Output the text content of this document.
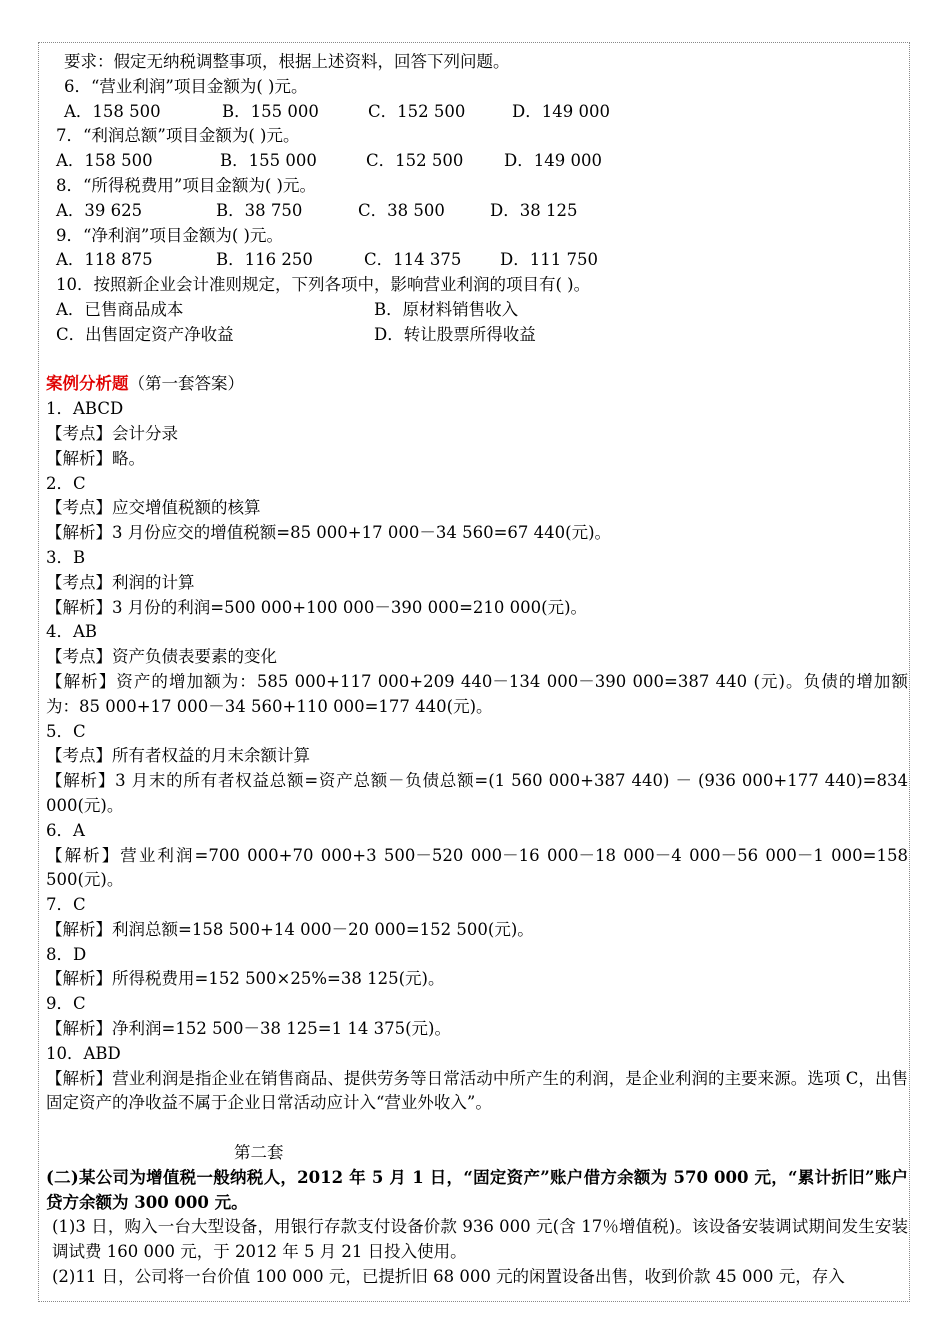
要求：假定无纳税调整事项，根据上述资料，回答下列问题。
6．“营业利润”项目金额为( )元。
A．158 500	B．155 000	C．152 500	D．149 000
7．“利润总额”项目金额为( )元。
A．158 500	B．155 000	C．152 500	D．149 000
8．“所得税费用”项目金额为( )元。
A．39 625	B．38 750	C．38 500	D．38 125
9．“净利润”项目金额为( )元。
A．118 875	B．116 250	C．114 375	D．111 750
10．按照新企业会计准则规定，下列各项中，影响营业利润的项目有( )。
A．已售商品成本	B．原材料销售收入
C．出售固定资产净收益	D．转让股票所得收益
案例分析题（第一套答案）
1．ABCD
【考点】会计分录
【解析】略。
2．C
【考点】应交增值税额的核算
【解析】3 月份应交的增值税额=85 000+17 000－34 560=67 440(元)。
3．B
【考点】利润的计算
【解析】3 月份的利润=500 000+100 000－390 000=210 000(元)。
4．AB
【考点】资产负债表要素的变化
【解析】资产的增加额为：585 000+117 000+209 440－134 000－390 000=387 440 (元)。负债的增加额为：85 000+17 000－34 560+110 000=177 440(元)。
5．C
【考点】所有者权益的月末余额计算
【解析】3 月末的所有者权益总额=资产总额－负债总额=(1 560 000+387 440) － (936 000+177 440)=834 000(元)。
6．A
【解析】营业利润=700 000+70 000+3 500－520 000－16 000－18 000－4 000－56 000－1 000=158 500(元)。
7．C
【解析】利润总额=158 500+14 000－20 000=152 500(元)。
8．D
【解析】所得税费用=152 500×25%=38 125(元)。
9．C
【解析】净利润=152 500－38 125=1 14 375(元)。
10．ABD
【解析】营业利润是指企业在销售商品、提供劳务等日常活动中所产生的利润，是企业利润的主要来源。选项 C，出售固定资产的净收益不属于企业日常活动应计入“营业外收入”。
第二套
(二)某公司为增值税一般纳税人，2012 年 5 月 1 日，“固定资产”账户借方余额为 570 000 元，“累计折旧”账户贷方余额为 300 000 元。
(1)3 日，购入一台大型设备，用银行存款支付设备价款 936 000 元(含 17％增值税)。该设备安装调试期间发生安装调试费 160 000 元，于 2012 年 5 月 21 日投入使用。
(2)11 日，公司将一台价值 100 000 元，已提折旧 68 000 元的闲置设备出售，收到价款 45 000 元，存入
